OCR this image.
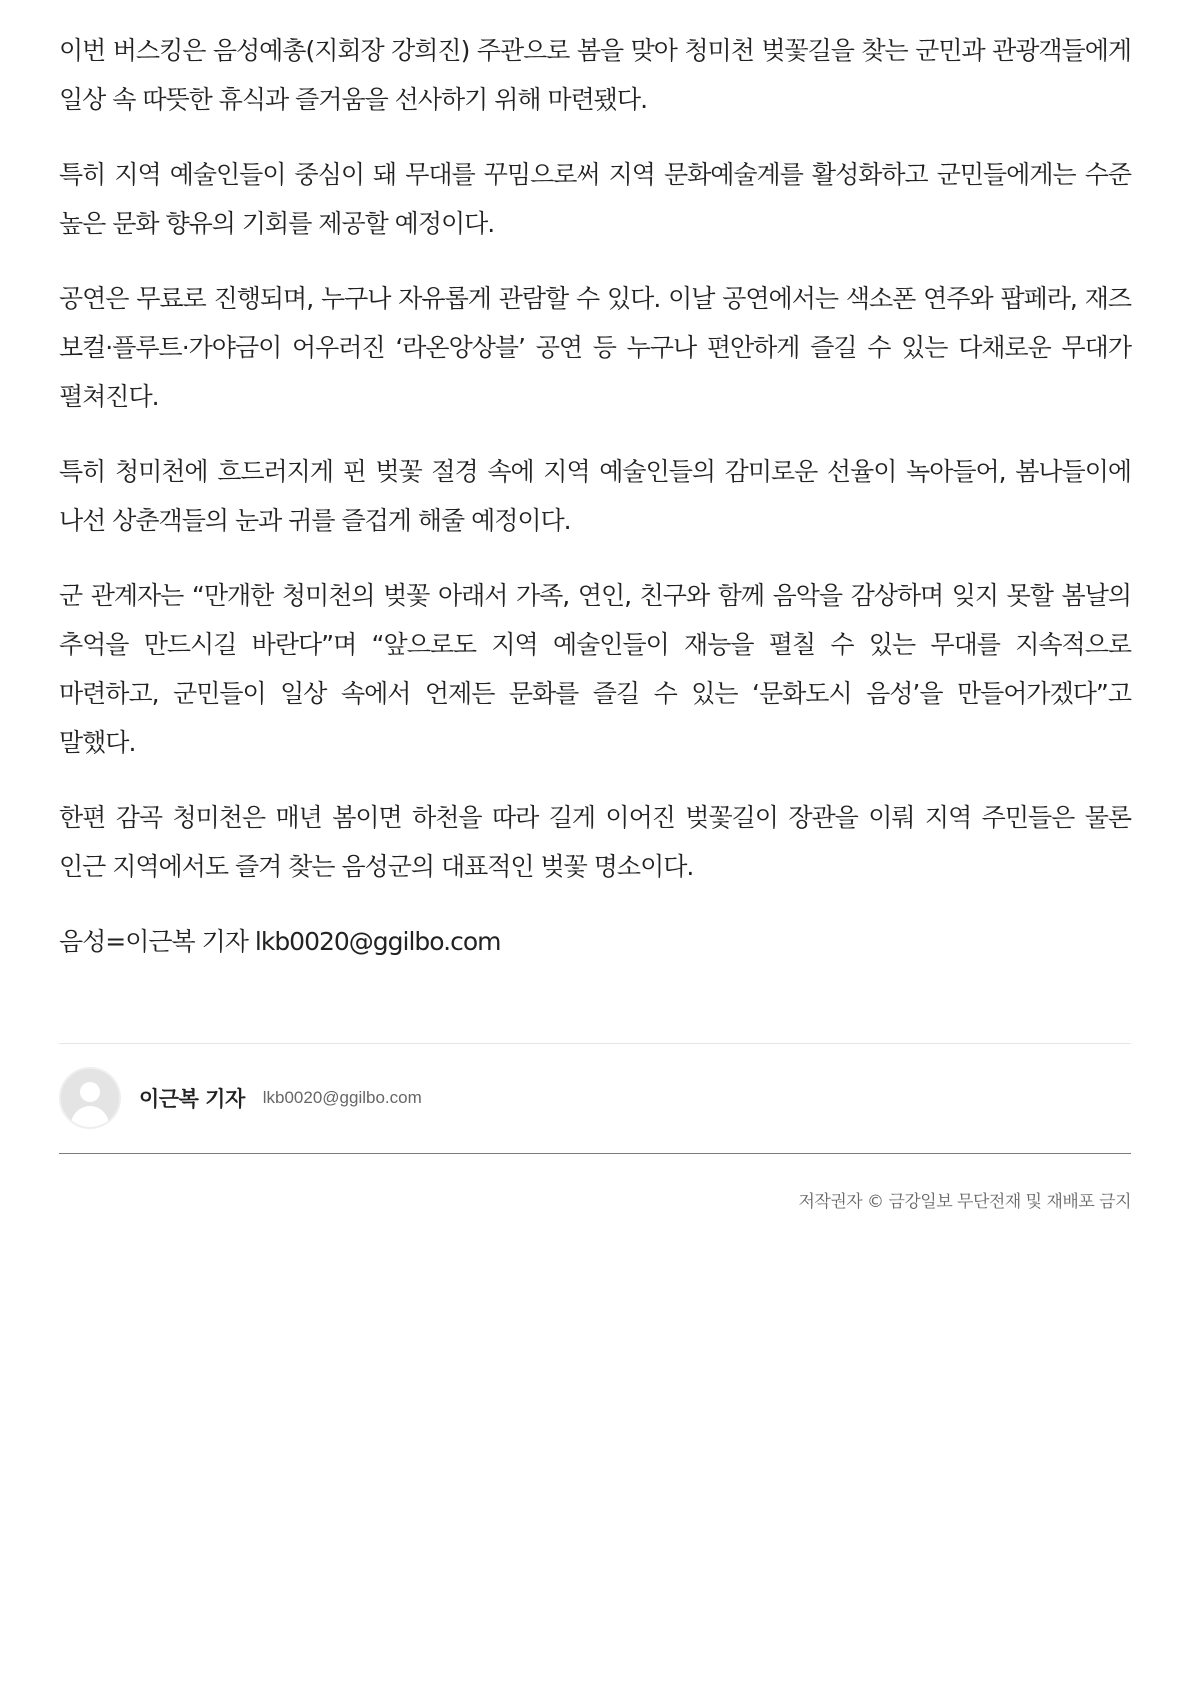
이번 버스킹은 음성예총(지회장 강희진) 주관으로 봄을 맞아 청미천 벚꽃길을 찾는 군민과 관광객들에게 일상 속 따뜻한 휴식과 즐거움을 선사하기 위해 마련됐다.

특히 지역 예술인들이 중심이 돼 무대를 꾸밈으로써 지역 문화예술계를 활성화하고 군민들에게는 수준 높은 문화 향유의 기회를 제공할 예정이다.

공연은 무료로 진행되며, 누구나 자유롭게 관람할 수 있다. 이날 공연에서는 색소폰 연주와 팝페라, 재즈 보컬·플루트·가야금이 어우러진 ‘라온앙상블’ 공연 등 누구나 편안하게 즐길 수 있는 다채로운 무대가 펼쳐진다.

특히 청미천에 흐드러지게 핀 벚꽃 절경 속에 지역 예술인들의 감미로운 선율이 녹아들어, 봄나들이에 나선 상춘객들의 눈과 귀를 즐겁게 해줄 예정이다.

군 관계자는 “만개한 청미천의 벚꽃 아래서 가족, 연인, 친구와 함께 음악을 감상하며 잊지 못할 봄날의 추억을 만드시길 바란다”며 “앞으로도 지역 예술인들이 재능을 펼칠 수 있는 무대를 지속적으로 마련하고, 군민들이 일상 속에서 언제든 문화를 즐길 수 있는 ‘문화도시 음성’을 만들어가겠다”고 말했다.

한편 감곡 청미천은 매년 봄이면 하천을 따라 길게 이어진 벚꽃길이 장관을 이뤄 지역 주민들은 물론 인근 지역에서도 즐겨 찾는 음성군의 대표적인 벚꽃 명소이다.

음성=이근복 기자 lkb0020@ggilbo.com

이근복 기자 lkb0020@ggilbo.com
저작권자 © 금강일보 무단전재 및 재배포 금지
